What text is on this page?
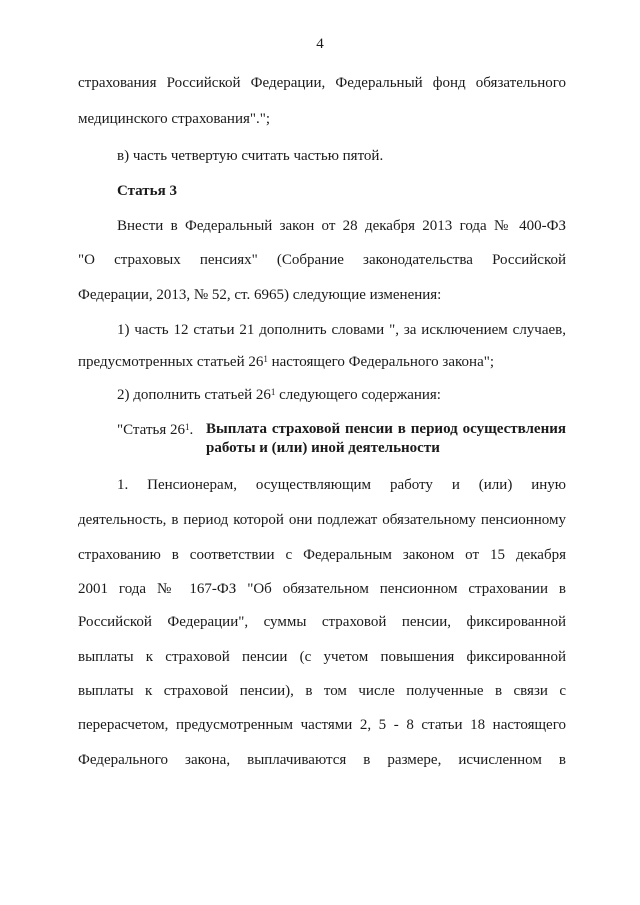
4
страхования Российской Федерации, Федеральный фонд обязательного
медицинского страхования".";
в) часть четвертую считать частью пятой.
Статья 3
Внести в Федеральный закон от 28 декабря 2013 года № 400-ФЗ
"О страховых пенсиях" (Собрание законодательства Российской
Федерации, 2013, № 52, ст. 6965) следующие изменения:
1) часть 12 статьи 21 дополнить словами ", за исключением случаев,
предусмотренных статьей $26^1$ настоящего Федерального закона";
2) дополнить статьей $26^1$ следующего содержания:
"Статья $26^1$. Выплата страховой пенсии в период осуществления работы и (или) иной деятельности
1. Пенсионерам, осуществляющим работу и (или) иную
деятельность, в период которой они подлежат обязательному пенсионному
страхованию в соответствии с Федеральным законом от 15 декабря
2001 года № 167-ФЗ "Об обязательном пенсионном страховании в
Российской Федерации", суммы страховой пенсии, фиксированной
выплаты к страховой пенсии (с учетом повышения фиксированной
выплаты к страховой пенсии), в том числе полученные в связи с
перерасчетом, предусмотренным частями 2, 5 - 8 статьи 18 настоящего
Федерального закона, выплачиваются в размере, исчисленном в
